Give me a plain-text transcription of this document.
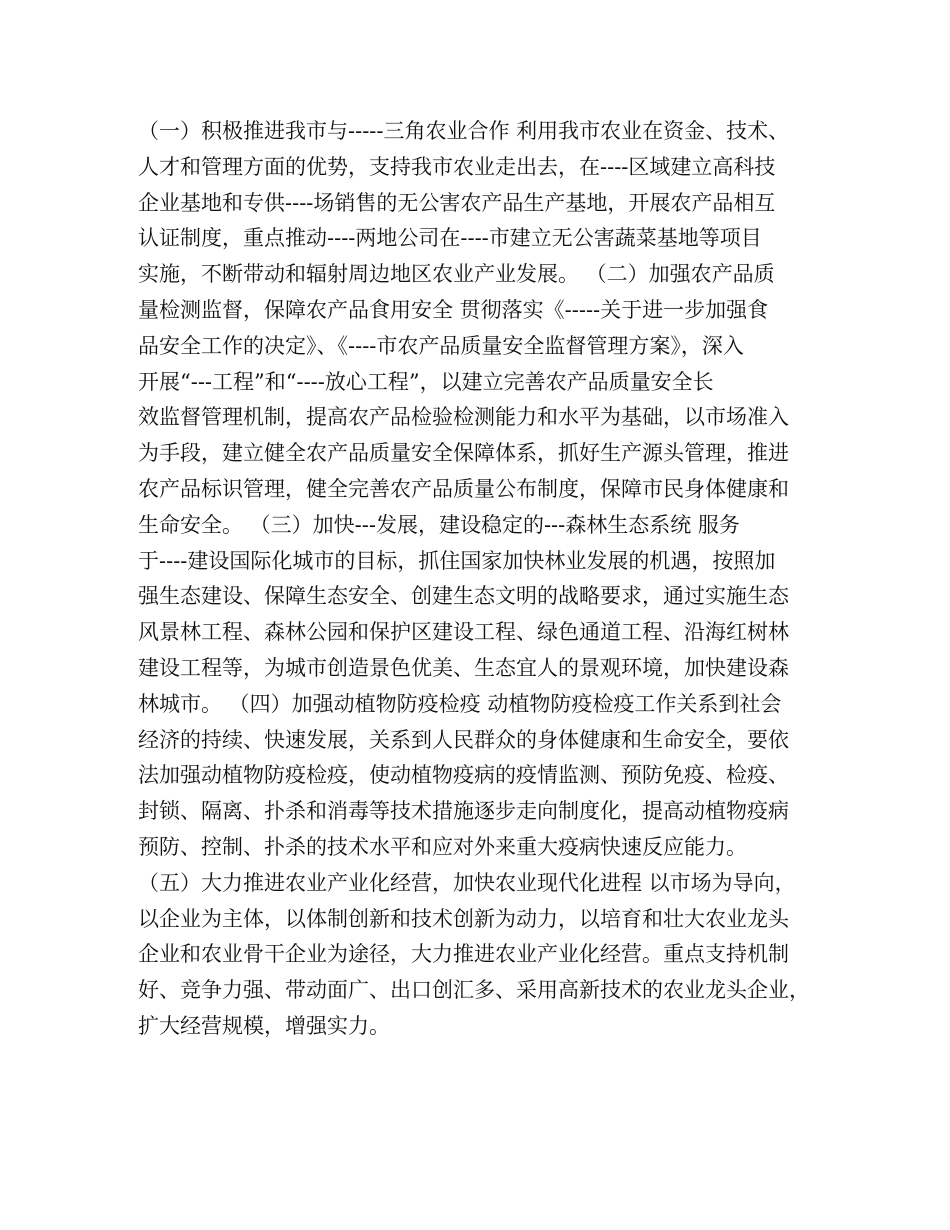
（一）积极推进我市与-----三角农业合作 利用我市农业在资金、技术、
人才和管理方面的优势，支持我市农业走出去，在----区域建立高科技
企业基地和专供----场销售的无公害农产品生产基地，开展农产品相互
认证制度，重点推动----两地公司在----市建立无公害蔬菜基地等项目
实施，不断带动和辐射周边地区农业产业发展。 （二）加强农产品质
量检测监督，保障农产品食用安全 贯彻落实《-----关于进一步加强食
品安全工作的决定》、《----市农产品质量安全监督管理方案》，深入
开展“---工程”和“----放心工程”，以建立完善农产品质量安全长
效监督管理机制，提高农产品检验检测能力和水平为基础，以市场准入
为手段，建立健全农产品质量安全保障体系，抓好生产源头管理，推进
农产品标识管理，健全完善农产品质量公布制度，保障市民身体健康和
生命安全。 （三）加快---发展，建设稳定的---森林生态系统 服务
于----建设国际化城市的目标，抓住国家加快林业发展的机遇，按照加
强生态建设、保障生态安全、创建生态文明的战略要求，通过实施生态
风景林工程、森林公园和保护区建设工程、绿色通道工程、沿海红树林
建设工程等，为城市创造景色优美、生态宜人的景观环境，加快建设森
林城市。 （四）加强动植物防疫检疫 动植物防疫检疫工作关系到社会
经济的持续、快速发展，关系到人民群众的身体健康和生命安全，要依
法加强动植物防疫检疫，使动植物疫病的疫情监测、预防免疫、检疫、
封锁、隔离、扑杀和消毒等技术措施逐步走向制度化，提高动植物疫病
预防、控制、扑杀的技术水平和应对外来重大疫病快速反应能力。
（五）大力推进农业产业化经营，加快农业现代化进程 以市场为导向，
以企业为主体，以体制创新和技术创新为动力，以培育和壮大农业龙头
企业和农业骨干企业为途径，大力推进农业产业化经营。重点支持机制
好、竞争力强、带动面广、出口创汇多、采用高新技术的农业龙头企业，
扩大经营规模，增强实力。
